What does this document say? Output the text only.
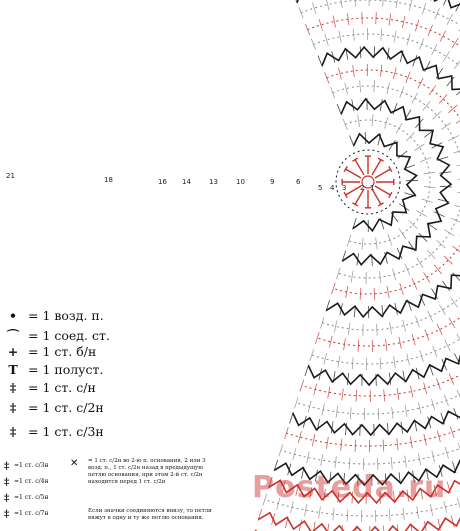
21	18	16 14	13	10	9	6
5 4 3 2 1
• = 1 возд. п.
⌒ = 1 соед. ст.
+ = 1 ст. б/н
T = 1 полуст.
‡ = 1 ст. с/н
‡ = 1 ст. с/2н
‡ = 1 ст. с/3н
‡ =1 ст. с/3н
‡ =1 ст. с/4н
‡ =1 ст. с/5н
‡ =1 ст. с/7н
✕	= 1 ст. с/2н во 2-ю п. основания, 2 или 3 возд. п., 1 ст. с/2н назад в предыдущую петлю основания, при этом 2-й ст. с/2н находится перед 1 ст. с/2н
Если значки соединяются внизу, то петли вяжут в одну и ту же петлю основания.
Posteda.ru
